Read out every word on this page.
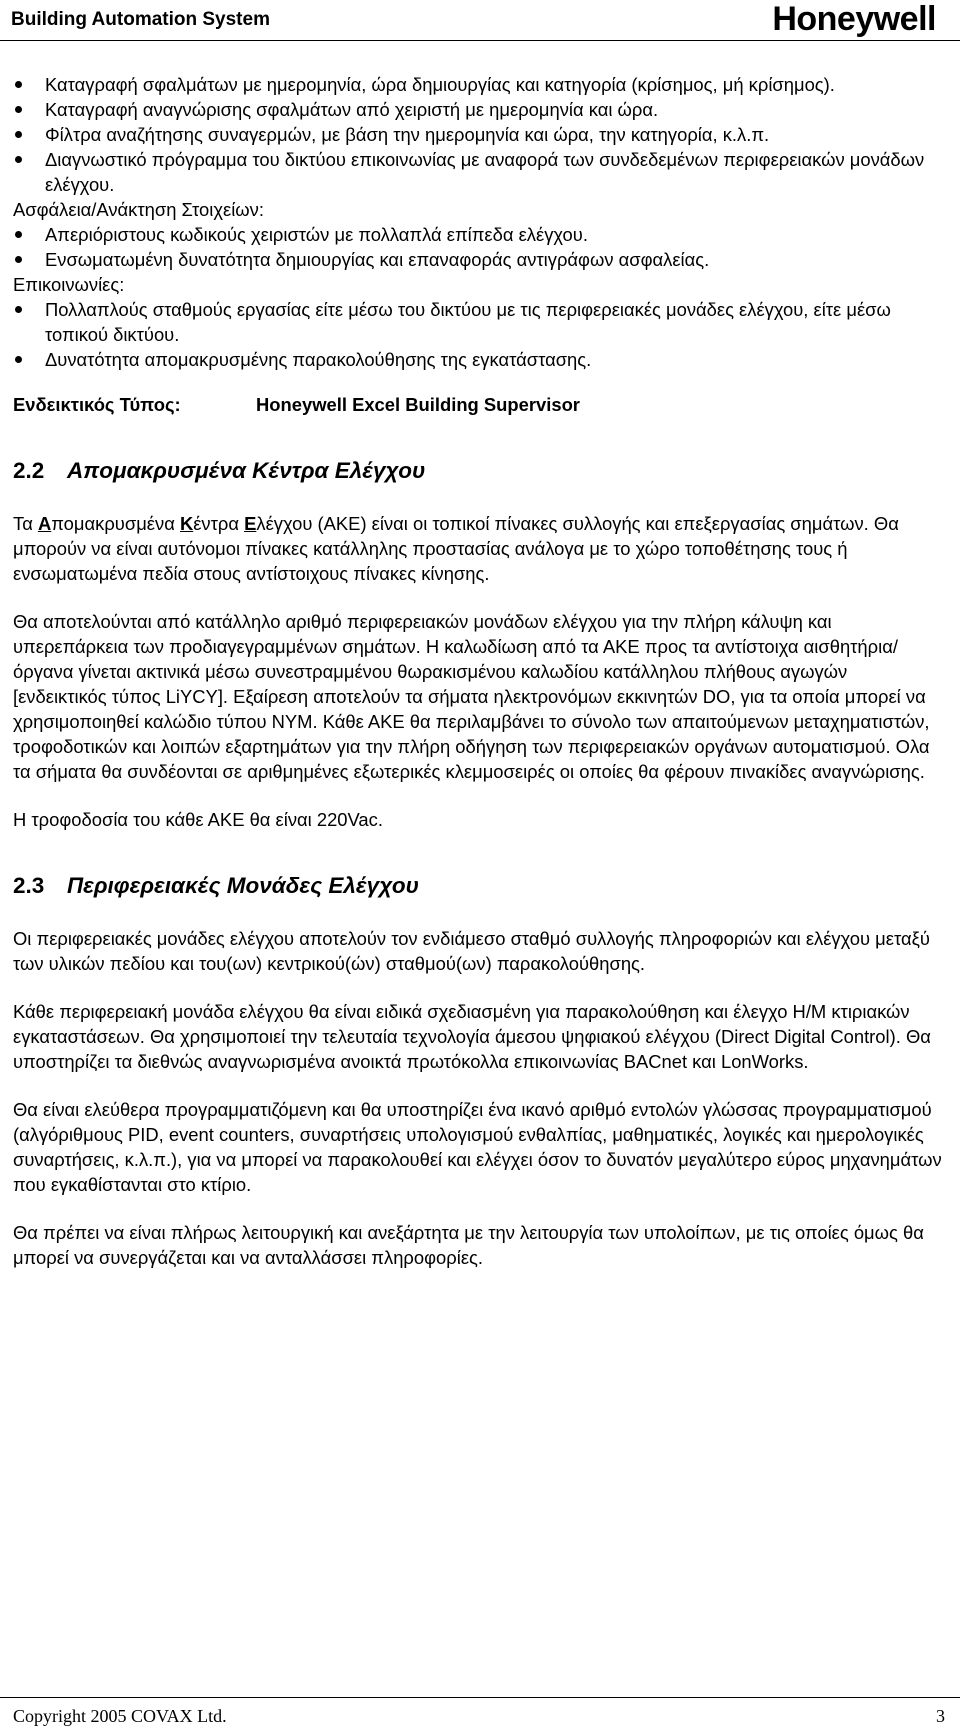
Building Automation System	Honeywell
Καταγραφή σφαλμάτων με ημερομηνία, ώρα δημιουργίας και κατηγορία (κρίσημος, μή κρίσημος).
Καταγραφή αναγνώρισης σφαλμάτων από χειριστή με ημερομηνία και ώρα.
Φίλτρα αναζήτησης συναγερμών, με βάση την ημερομηνία και ώρα, την κατηγορία, κ.λ.π.
Διαγνωστικό πρόγραμμα του δικτύου επικοινωνίας με αναφορά των συνδεδεμένων περιφερειακών μονάδων ελέγχου.

Ασφάλεια/Ανάκτηση Στοιχείων:

Απεριόριστους κωδικούς χειριστών με πολλαπλά επίπεδα ελέγχου.
Ενσωματωμένη δυνατότητα δημιουργίας και επαναφοράς αντιγράφων ασφαλείας.

Επικοινωνίες:

Πολλαπλούς σταθμούς εργασίας είτε μέσω του δικτύου με τις περιφερειακές μονάδες ελέγχου, είτε μέσω τοπικού δικτύου.
Δυνατότητα απομακρυσμένης παρακολούθησης της εγκατάστασης.
Ενδεικτικός Τύπος:	Honeywell Excel Building Supervisor
2.2	Απομακρυσμένα Κέντρα Ελέγχου

Τα Απομακρυσμένα Κέντρα Ελέγχου (ΑΚΕ) είναι οι τοπικοί πίνακες συλλογής και επεξεργασίας σημάτων. Θα μπορούν να είναι αυτόνομοι πίνακες κατάλληλης προστασίας ανάλογα με το χώρο τοποθέτησης τους ή ενσωματωμένα πεδία στους αντίστοιχους πίνακες κίνησης.

Θα αποτελούνται από κατάλληλο αριθμό περιφερειακών μονάδων ελέγχου για την πλήρη κάλυψη και υπερεπάρκεια των προδιαγεγραμμένων σημάτων. Η καλωδίωση από τα ΑΚΕ προς τα αντίστοιχα αισθητήρια/όργανα γίνεται ακτινικά μέσω συνεστραμμένου θωρακισμένου καλωδίου κατάλληλου πλήθους αγωγών [ενδεικτικός τύπος LiYCY]. Εξαίρεση αποτελούν τα σήματα ηλεκτρονόμων εκκινητών DO, για τα οποία μπορεί να χρησιμοποιηθεί καλώδιο τύπου NYM. Κάθε ΑΚΕ θα περιλαμβάνει το σύνολο των απαιτούμενων μεταχηματιστών, τροφοδοτικών και λοιπών εξαρτημάτων για την πλήρη οδήγηση των περιφερειακών οργάνων αυτοματισμού. Ολα τα σήματα θα συνδέονται σε αριθμημένες εξωτερικές κλεμμοσειρές οι οποίες θα φέρουν πινακίδες αναγνώρισης.

Η τροφοδοσία του κάθε ΑΚΕ θα είναι 220Vac.

2.3	Περιφερειακές Μονάδες Ελέγχου

Οι περιφερειακές μονάδες ελέγχου αποτελούν τον ενδιάμεσο σταθμό συλλογής πληροφοριών και ελέγχου μεταξύ των υλικών πεδίου και του(ων) κεντρικού(ών) σταθμού(ων) παρακολούθησης.

Κάθε περιφερειακή μονάδα ελέγχου θα είναι ειδικά σχεδιασμένη για παρακολούθηση και έλεγχο Η/Μ κτιριακών εγκαταστάσεων. Θα χρησιμοποιεί την τελευταία τεχνολογία άμεσου ψηφιακού ελέγχου (Direct Digital Control). Θα υποστηρίζει τα διεθνώς αναγνωρισμένα ανοικτά πρωτόκολλα επικοινωνίας BACnet και LonWorks.

Θα είναι ελεύθερα προγραμματιζόμενη και θα υποστηρίζει ένα ικανό αριθμό εντολών γλώσσας προγραμματισμού (αλγόριθμους PID, event counters, συναρτήσεις υπολογισμού ενθαλπίας, μαθηματικές, λογικές και ημερολογικές συναρτήσεις, κ.λ.π.), για να μπορεί να παρακολουθεί και ελέγχει όσον το δυνατόν μεγαλύτερο εύρος μηχανημάτων που εγκαθίστανται στο κτίριο.

Θα πρέπει να είναι πλήρως λειτουργική και ανεξάρτητα με την λειτουργία των υπολοίπων, με τις οποίες όμως θα μπορεί να συνεργάζεται και να ανταλλάσσει πληροφορίες.

Copyright 2005 COVAX Ltd.	3
